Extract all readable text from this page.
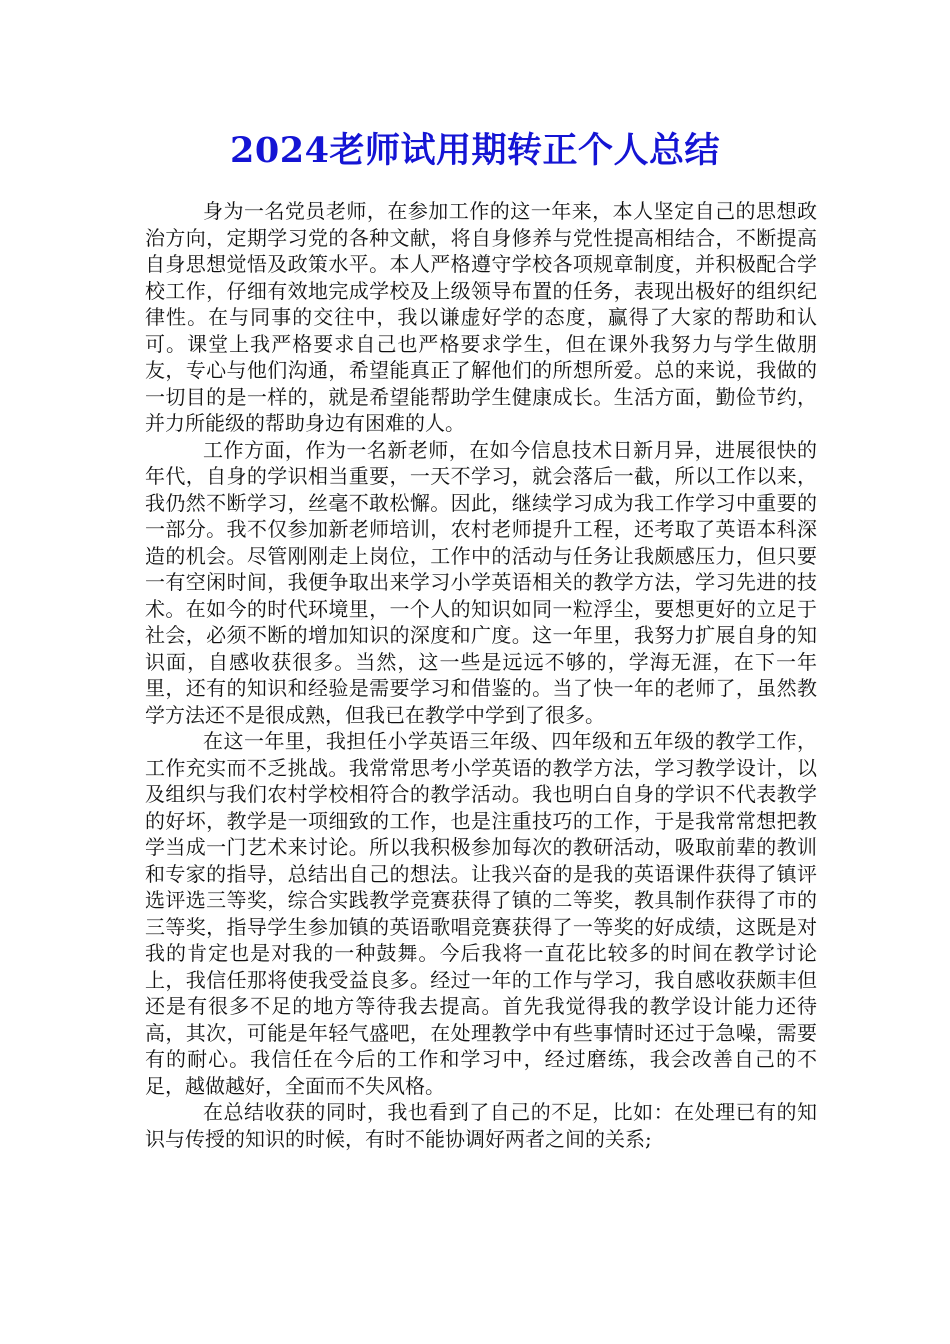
2024老师试用期转正个人总结

身为一名党员老师，在参加工作的这一年来，本人坚定自己的思想政治方向，定期学习党的各种文献，将自身修养与党性提高相结合，不断提高自身思想觉悟及政策水平。本人严格遵守学校各项规章制度，并积极配合学校工作，仔细有效地完成学校及上级领导布置的任务，表现出极好的组织纪律性。在与同事的交往中，我以谦虚好学的态度，赢得了大家的帮助和认可。课堂上我严格要求自己也严格要求学生，但在课外我努力与学生做朋友，专心与他们沟通，希望能真正了解他们的所想所爱。总的来说，我做的一切目的是一样的，就是希望能帮助学生健康成长。生活方面，勤俭节约，并力所能级的帮助身边有困难的人。

工作方面，作为一名新老师，在如今信息技术日新月异，进展很快的年代，自身的学识相当重要，一天不学习，就会落后一截，所以工作以来，我仍然不断学习，丝毫不敢松懈。因此，继续学习成为我工作学习中重要的一部分。我不仅参加新老师培训，农村老师提升工程，还考取了英语本科深造的机会。尽管刚刚走上岗位，工作中的活动与任务让我颇感压力，但只要一有空闲时间，我便争取出来学习小学英语相关的教学方法，学习先进的技术。在如今的时代环境里，一个人的知识如同一粒浮尘，要想更好的立足于社会，必须不断的增加知识的深度和广度。这一年里，我努力扩展自身的知识面，自感收获很多。当然，这一些是远远不够的，学海无涯，在下一年里，还有的知识和经验是需要学习和借鉴的。当了快一年的老师了，虽然教学方法还不是很成熟，但我已在教学中学到了很多。

在这一年里，我担任小学英语三年级、四年级和五年级的教学工作，工作充实而不乏挑战。我常常思考小学英语的教学方法，学习教学设计，以及组织与我们农村学校相符合的教学活动。我也明白自身的学识不代表教学的好坏，教学是一项细致的工作，也是注重技巧的工作，于是我常常想把教学当成一门艺术来讨论。所以我积极参加每次的教研活动，吸取前辈的教训和专家的指导，总结出自己的想法。让我兴奋的是我的英语课件获得了镇评选评选三等奖，综合实践教学竞赛获得了镇的二等奖，教具制作获得了市的三等奖，指导学生参加镇的英语歌唱竞赛获得了一等奖的好成绩，这既是对我的肯定也是对我的一种鼓舞。今后我将一直花比较多的时间在教学讨论上，我信任那将使我受益良多。经过一年的工作与学习，我自感收获颇丰但还是有很多不足的地方等待我去提高。首先我觉得我的教学设计能力还待高，其次，可能是年轻气盛吧，在处理教学中有些事情时还过于急噪，需要有的耐心。我信任在今后的工作和学习中，经过磨练，我会改善自己的不足，越做越好，全面而不失风格。

在总结收获的同时，我也看到了自己的不足，比如：在处理已有的知识与传授的知识的时候，有时不能协调好两者之间的关系;
